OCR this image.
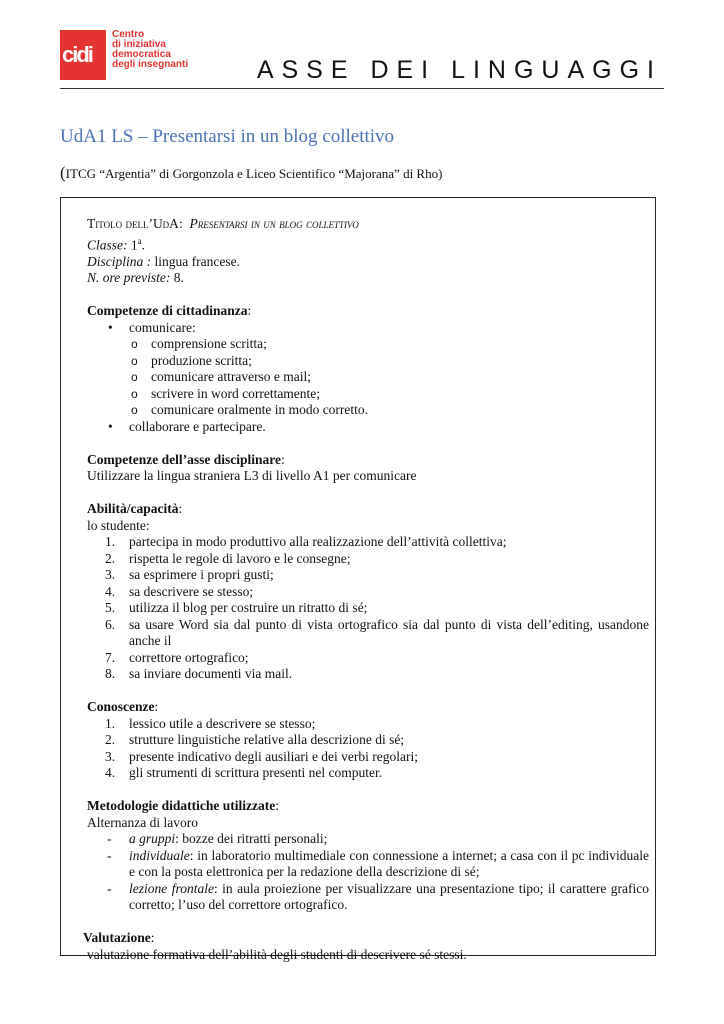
cidi
Centro
di iniziativa
democratica
degli insegnanti	ASSE DEI LINGUAGGI
UdA1 LS – Presentarsi in un blog collettivo
(ITCG “Argentia” di Gorgonzola e Liceo Scientifico “Majorana” di Rho)
Titolo dell’UdA:  Presentarsi in un blog collettivo
Classe: 1$^a$.
Disciplina : lingua francese.
N. ore previste: 8.
Competenze di cittadinanza:
• comunicare:
o comprensione scritta;
o produzione scritta;
o comunicare attraverso e mail;
o scrivere in word correttamente;
o comunicare oralmente in modo corretto.
• collaborare e partecipare.
Competenze dell’asse disciplinare:
Utilizzare la lingua straniera L3 di livello A1 per comunicare
Abilità/capacità:
lo studente:
1. partecipa in modo produttivo alla realizzazione dell’attività collettiva;
2. rispetta le regole di lavoro e le consegne;
3. sa esprimere i propri gusti;
4. sa descrivere se stesso;
5. utilizza il blog per costruire un ritratto di sé;
6. sa usare Word sia dal punto di vista ortografico sia dal punto di vista dell’editing, usandone anche il
7. correttore ortografico;
8. sa inviare documenti via mail.
Conoscenze:
1. lessico utile a descrivere se stesso;
2. strutture linguistiche relative alla descrizione di sé;
3. presente indicativo degli ausiliari e dei verbi regolari;
4. gli strumenti di scrittura presenti nel computer.
Metodologie didattiche utilizzate:
Alternanza di lavoro
- a gruppi: bozze dei ritratti personali;
- individuale: in laboratorio multimediale con connessione a internet; a casa con il pc individuale e con la posta elettronica per la redazione della descrizione di sé;
- lezione frontale: in aula proiezione per visualizzare una presentazione tipo; il carattere grafico corretto; l’uso del correttore ortografico.
Valutazione:
valutazione formativa dell’abilità degli studenti di descrivere sé stessi.
